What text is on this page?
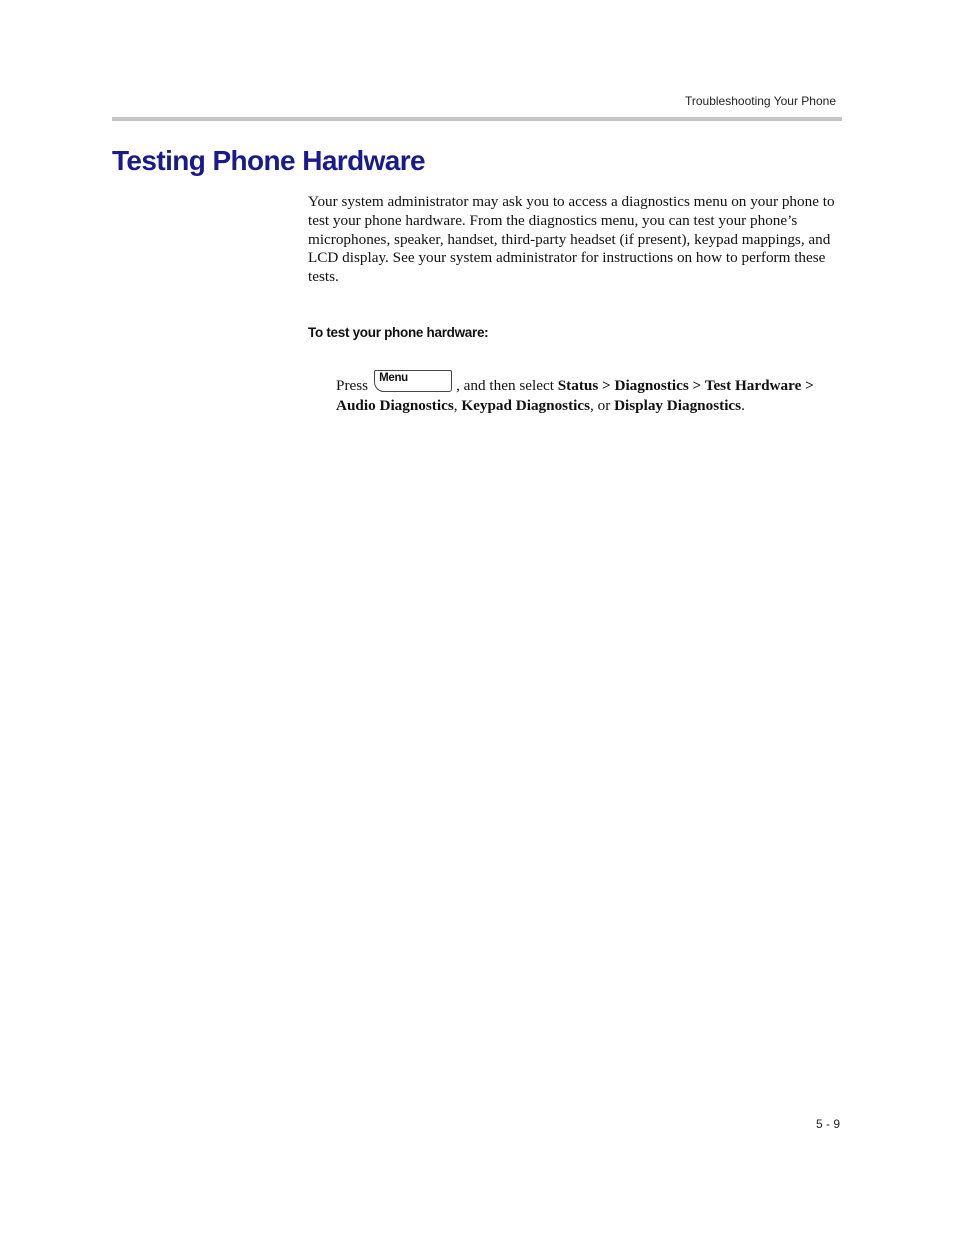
Troubleshooting Your Phone
Testing Phone Hardware

Your system administrator may ask you to access a diagnostics menu on your phone to test your phone hardware. From the diagnostics menu, you can test your phone’s microphones, speaker, handset, third-party headset (if present), keypad mappings, and LCD display. See your system administrator for instructions on how to perform these tests.

To test your phone hardware:

Press Menu	, and then select Status > Diagnostics > Test Hardware > Audio Diagnostics, Keypad Diagnostics, or Display Diagnostics.

5 - 9
